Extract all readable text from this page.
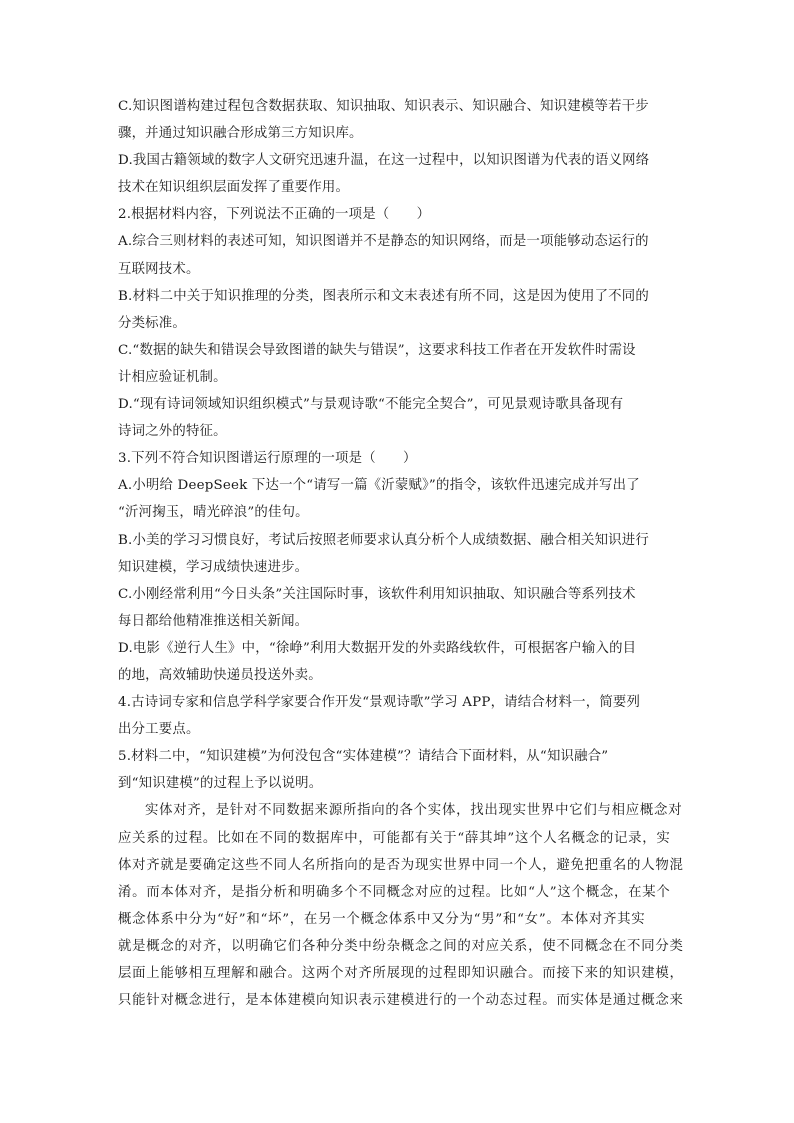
C.知识图谱构建过程包含数据获取、知识抽取、知识表示、知识融合、知识建模等若干步
骤，并通过知识融合形成第三方知识库。
D.我国古籍领域的数字人文研究迅速升温，在这一过程中，以知识图谱为代表的语义网络
技术在知识组织层面发挥了重要作用。
2.根据材料内容，下列说法不正确的一项是（　　）
A.综合三则材料的表述可知，知识图谱并不是静态的知识网络，而是一项能够动态运行的
互联网技术。
B.材料二中关于知识推理的分类，图表所示和文末表述有所不同，这是因为使用了不同的
分类标准。
C.“数据的缺失和错误会导致图谱的缺失与错误”，这要求科技工作者在开发软件时需设
计相应验证机制。
D.“现有诗词领域知识组织模式”与景观诗歌“不能完全契合”，可见景观诗歌具备现有
诗词之外的特征。
3.下列不符合知识图谱运行原理的一项是（　　）
A.小明给 DeepSeek 下达一个“请写一篇《沂蒙赋》”的指令，该软件迅速完成并写出了
“沂河掬玉，晴光碎浪”的佳句。
B.小美的学习习惯良好，考试后按照老师要求认真分析个人成绩数据、融合相关知识进行
知识建模，学习成绩快速进步。
C.小刚经常利用“今日头条”关注国际时事，该软件利用知识抽取、知识融合等系列技术
每日都给他精准推送相关新闻。
D.电影《逆行人生》中，“徐峥”利用大数据开发的外卖路线软件，可根据客户输入的目
的地，高效辅助快递员投送外卖。
4.古诗词专家和信息学科学家要合作开发“景观诗歌”学习 APP，请结合材料一，简要列
出分工要点。
5.材料二中，“知识建模”为何没包含“实体建模”？请结合下面材料，从“知识融合”
到“知识建模”的过程上予以说明。
实体对齐，是针对不同数据来源所指向的各个实体，找出现实世界中它们与相应概念对
应关系的过程。比如在不同的数据库中，可能都有关于“薛其坤”这个人名概念的记录，实
体对齐就是要确定这些不同人名所指向的是否为现实世界中同一个人，避免把重名的人物混
淆。而本体对齐，是指分析和明确多个不同概念对应的过程。比如“人”这个概念，在某个
概念体系中分为“好”和“坏”，在另一个概念体系中又分为“男”和“女”。本体对齐其实
就是概念的对齐，以明确它们各种分类中纷杂概念之间的对应关系，使不同概念在不同分类
层面上能够相互理解和融合。这两个对齐所展现的过程即知识融合。而接下来的知识建模，
只能针对概念进行，是本体建模向知识表示建模进行的一个动态过程。而实体是通过概念来
